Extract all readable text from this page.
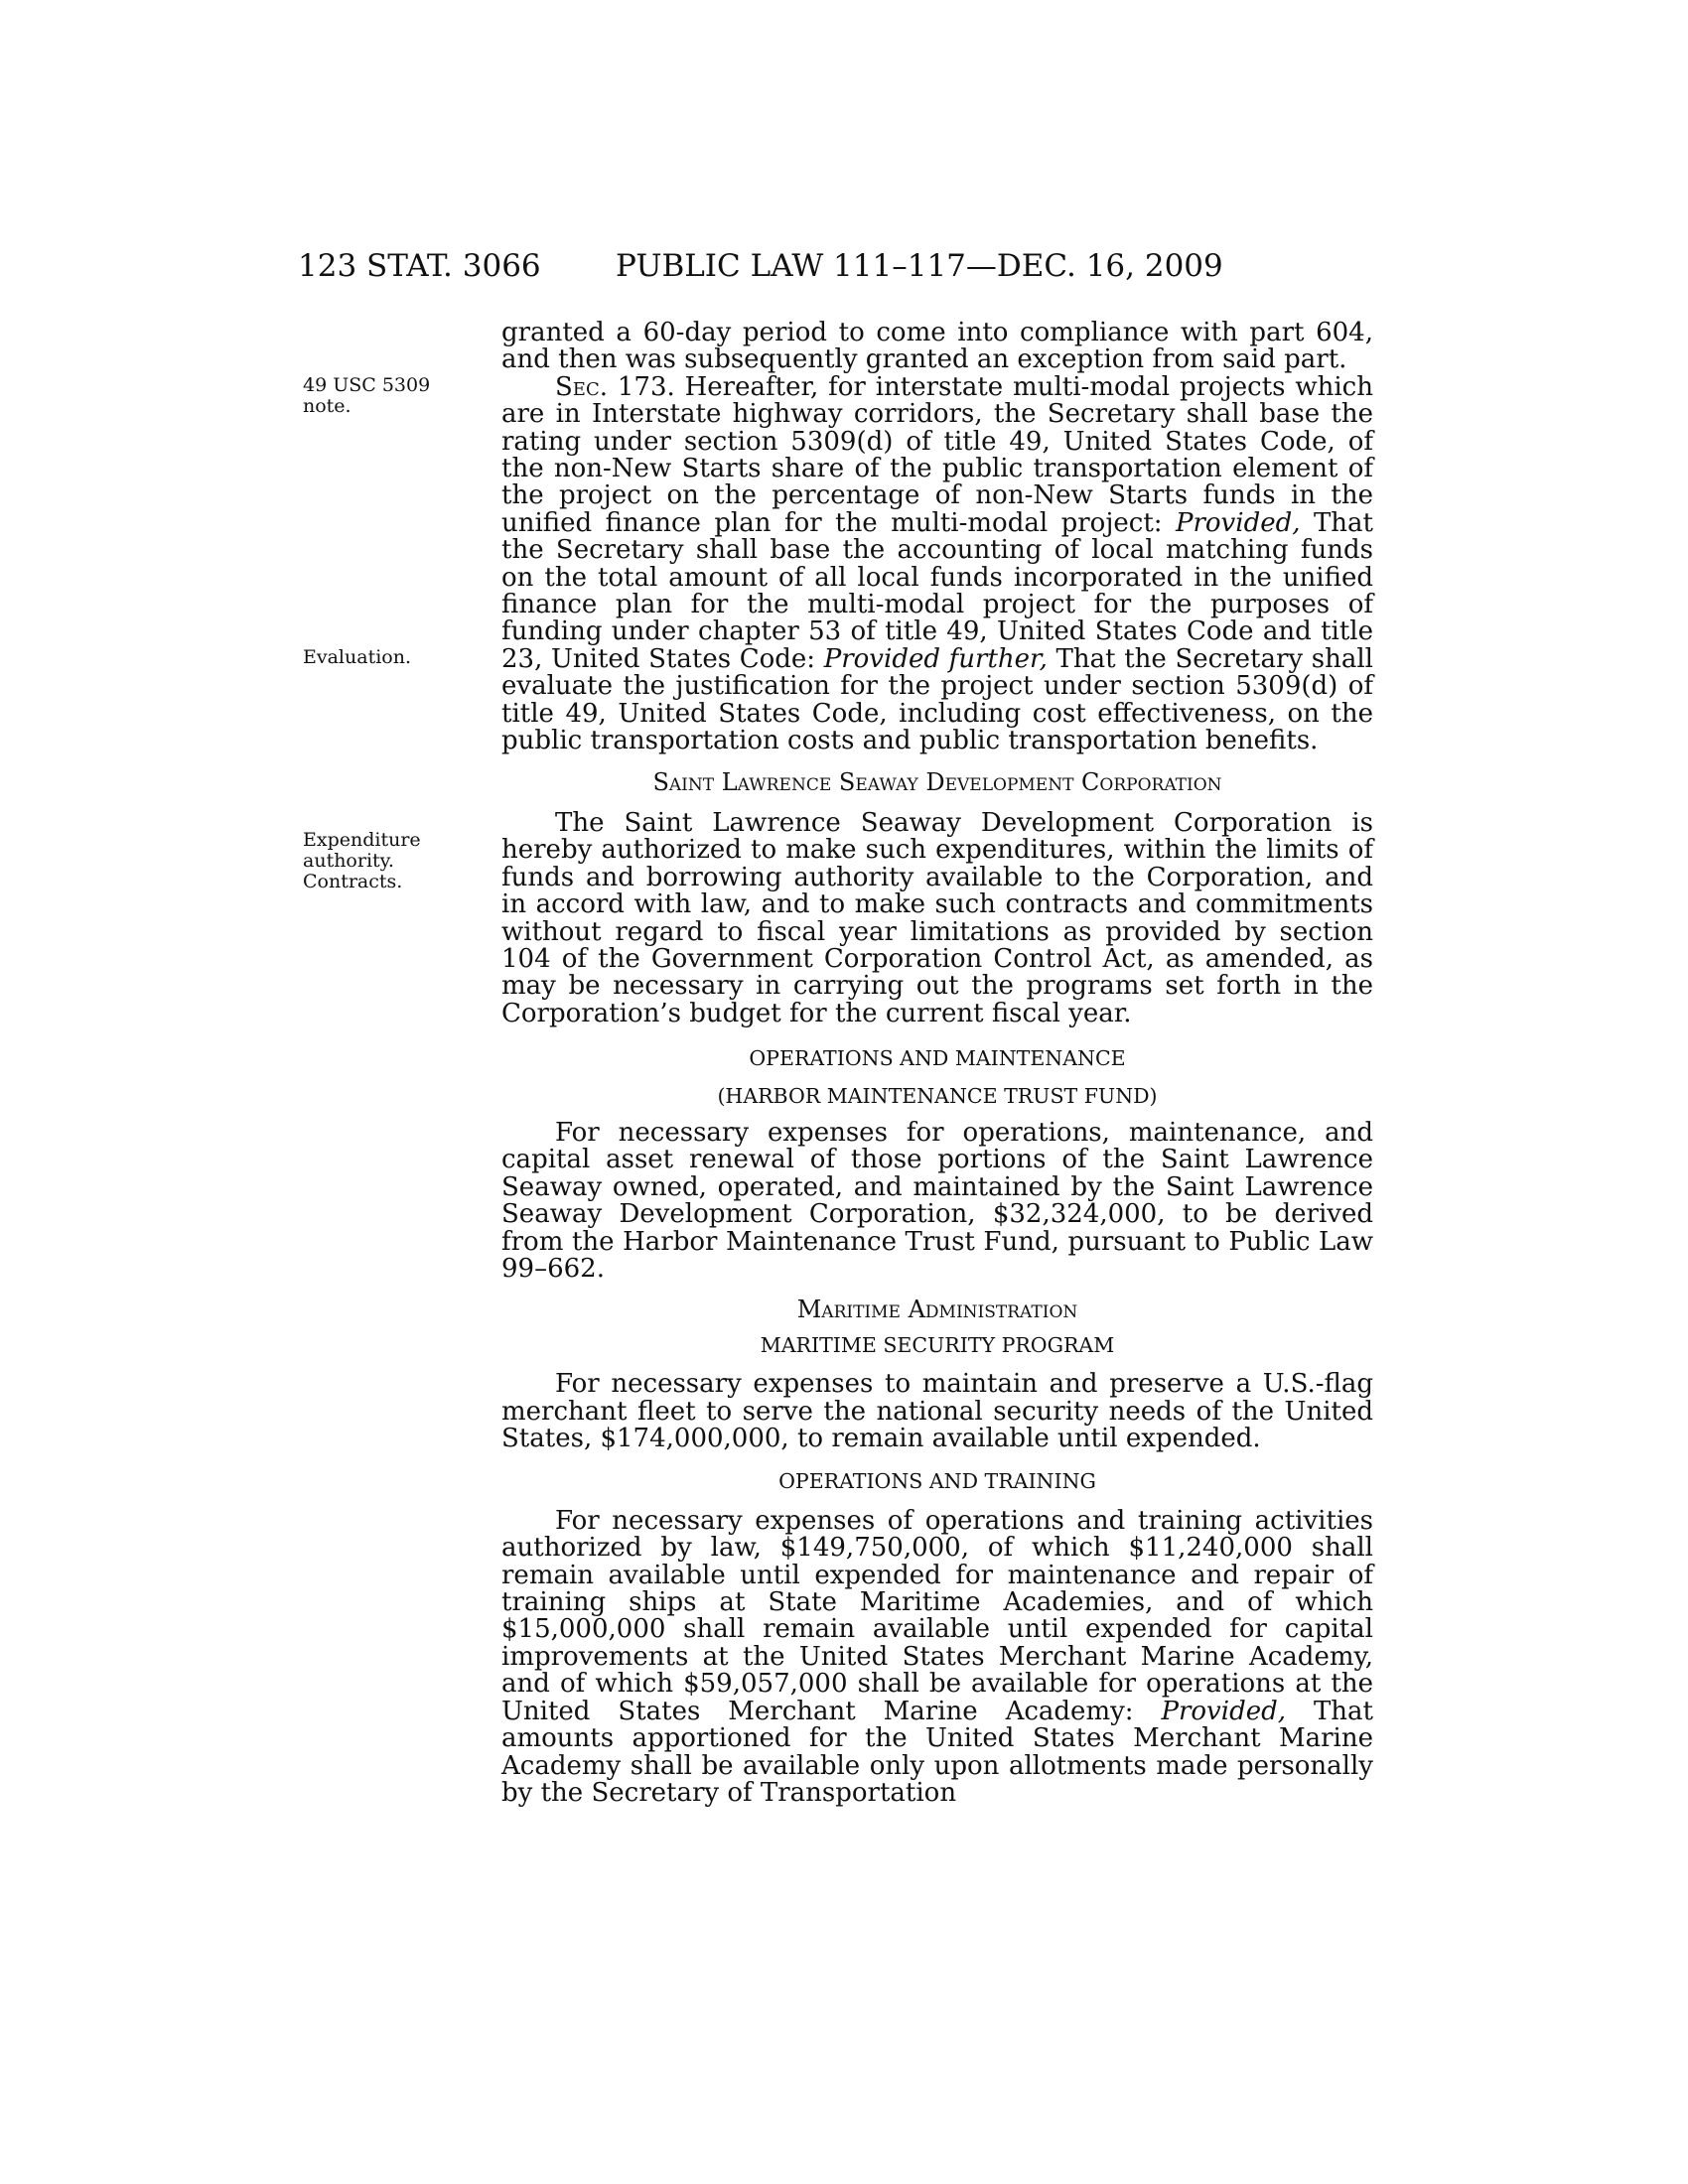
123 STAT. 3066 PUBLIC LAW 111–117—DEC. 16, 2009
49 USC 5309
note.
Evaluation.
Expenditure
authority.
Contracts.

granted a 60-day period to come into compliance with part 604, and then was subsequently granted an exception from said part.

Sec. 173. Hereafter, for interstate multi-modal projects which are in Interstate highway corridors, the Secretary shall base the rating under section 5309(d) of title 49, United States Code, of the non-New Starts share of the public transportation element of the project on the percentage of non-New Starts funds in the unified finance plan for the multi-modal project: Provided, That the Secretary shall base the accounting of local matching funds on the total amount of all local funds incorporated in the unified finance plan for the multi-modal project for the purposes of funding under chapter 53 of title 49, United States Code and title 23, United States Code: Provided further, That the Secretary shall evaluate the justification for the project under section 5309(d) of title 49, United States Code, including cost effectiveness, on the public transportation costs and public transportation benefits.

Saint Lawrence Seaway Development Corporation

The Saint Lawrence Seaway Development Corporation is hereby authorized to make such expenditures, within the limits of funds and borrowing authority available to the Corporation, and in accord with law, and to make such contracts and commitments without regard to fiscal year limitations as provided by section 104 of the Government Corporation Control Act, as amended, as may be necessary in carrying out the programs set forth in the Corporation’s budget for the current fiscal year.

OPERATIONS AND MAINTENANCE

(HARBOR MAINTENANCE TRUST FUND)

For necessary expenses for operations, maintenance, and capital asset renewal of those portions of the Saint Lawrence Seaway owned, operated, and maintained by the Saint Lawrence Seaway Development Corporation, $32,324,000, to be derived from the Harbor Maintenance Trust Fund, pursuant to Public Law 99–662.

Maritime Administration

MARITIME SECURITY PROGRAM

For necessary expenses to maintain and preserve a U.S.-flag merchant fleet to serve the national security needs of the United States, $174,000,000, to remain available until expended.

OPERATIONS AND TRAINING

For necessary expenses of operations and training activities authorized by law, $149,750,000, of which $11,240,000 shall remain available until expended for maintenance and repair of training ships at State Maritime Academies, and of which $15,000,000 shall remain available until expended for capital improvements at the United States Merchant Marine Academy, and of which $59,057,000 shall be available for operations at the United States Merchant Marine Academy: Provided, That amounts apportioned for the United States Merchant Marine Academy shall be available only upon allotments made personally by the Secretary of Transportation
